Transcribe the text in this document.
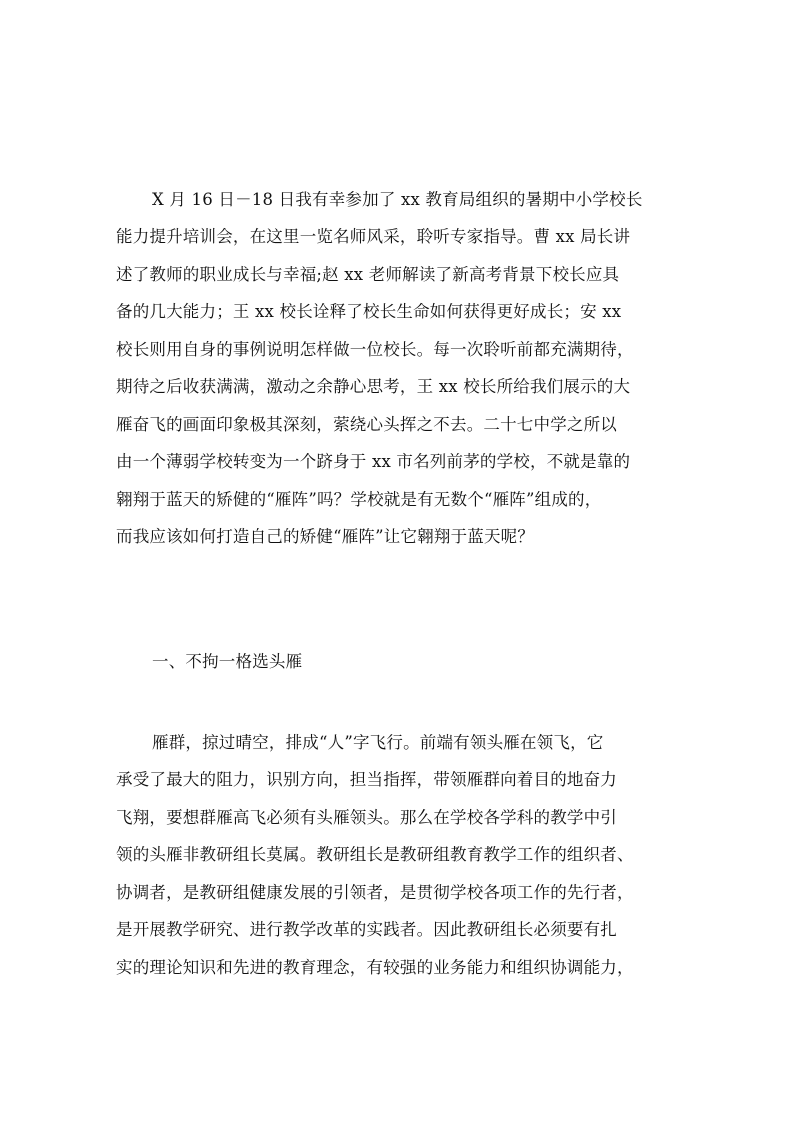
X 月 16 日－18 日我有幸参加了 xx 教育局组织的暑期中小学校长
能力提升培训会，在这里一览名师风采，聆听专家指导。曹 xx 局长讲
述了教师的职业成长与幸福;赵 xx 老师解读了新高考背景下校长应具
备的几大能力；王 xx 校长诠释了校长生命如何获得更好成长；安 xx
校长则用自身的事例说明怎样做一位校长。每一次聆听前都充满期待，
期待之后收获满满，激动之余静心思考，王 xx 校长所给我们展示的大
雁奋飞的画面印象极其深刻，萦绕心头挥之不去。二十七中学之所以
由一个薄弱学校转变为一个跻身于 xx 市名列前茅的学校，不就是靠的
翱翔于蓝天的矫健的“雁阵”吗？学校就是有无数个“雁阵”组成的，
而我应该如何打造自己的矫健“雁阵”让它翱翔于蓝天呢？
一、不拘一格选头雁
雁群，掠过晴空，排成“人”字飞行。前端有领头雁在领飞，它
承受了最大的阻力，识别方向，担当指挥，带领雁群向着目的地奋力
飞翔，要想群雁高飞必须有头雁领头。那么在学校各学科的教学中引
领的头雁非教研组长莫属。教研组长是教研组教育教学工作的组织者、
协调者，是教研组健康发展的引领者，是贯彻学校各项工作的先行者，
是开展教学研究、进行教学改革的实践者。因此教研组长必须要有扎
实的理论知识和先进的教育理念，有较强的业务能力和组织协调能力，
